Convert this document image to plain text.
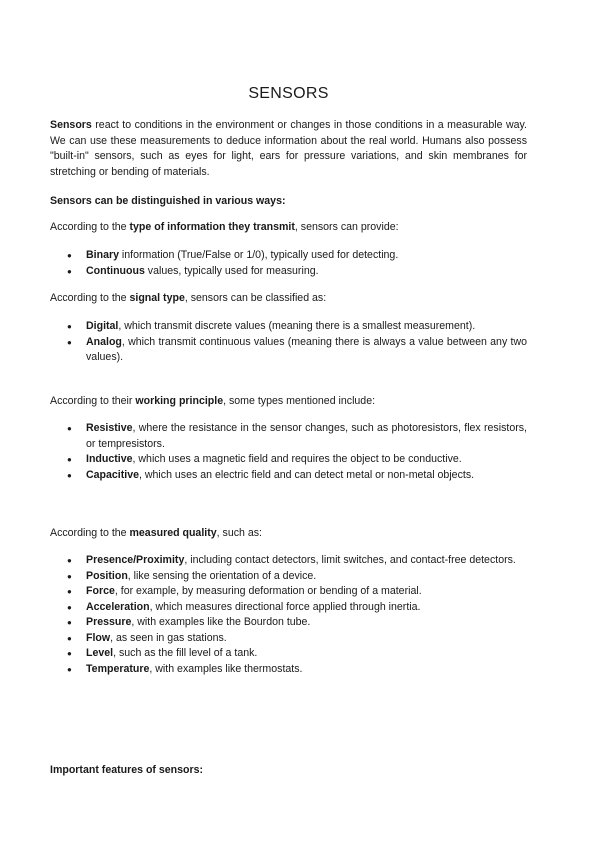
SENSORS

Sensors react to conditions in the environment or changes in those conditions in a measurable way. We can use these measurements to deduce information about the real world. Humans also possess "built-in" sensors, such as eyes for light, ears for pressure variations, and skin membranes for stretching or bending of materials.

Sensors can be distinguished in various ways:

According to the type of information they transmit, sensors can provide:

● Binary information (True/False or 1/0), typically used for detecting.
● Continuous values, typically used for measuring.

According to the signal type, sensors can be classified as:

● Digital, which transmit discrete values (meaning there is a smallest measurement).
● Analog, which transmit continuous values (meaning there is always a value between any two values).

According to their working principle, some types mentioned include:

● Resistive, where the resistance in the sensor changes, such as photoresistors, flex resistors, or tempresistors.
● Inductive, which uses a magnetic field and requires the object to be conductive.
● Capacitive, which uses an electric field and can detect metal or non-metal objects.

According to the measured quality, such as:

● Presence/Proximity, including contact detectors, limit switches, and contact-free detectors.
● Position, like sensing the orientation of a device.
● Force, for example, by measuring deformation or bending of a material.
● Acceleration, which measures directional force applied through inertia.
● Pressure, with examples like the Bourdon tube.
● Flow, as seen in gas stations.
● Level, such as the fill level of a tank.
● Temperature, with examples like thermostats.

Important features of sensors:
